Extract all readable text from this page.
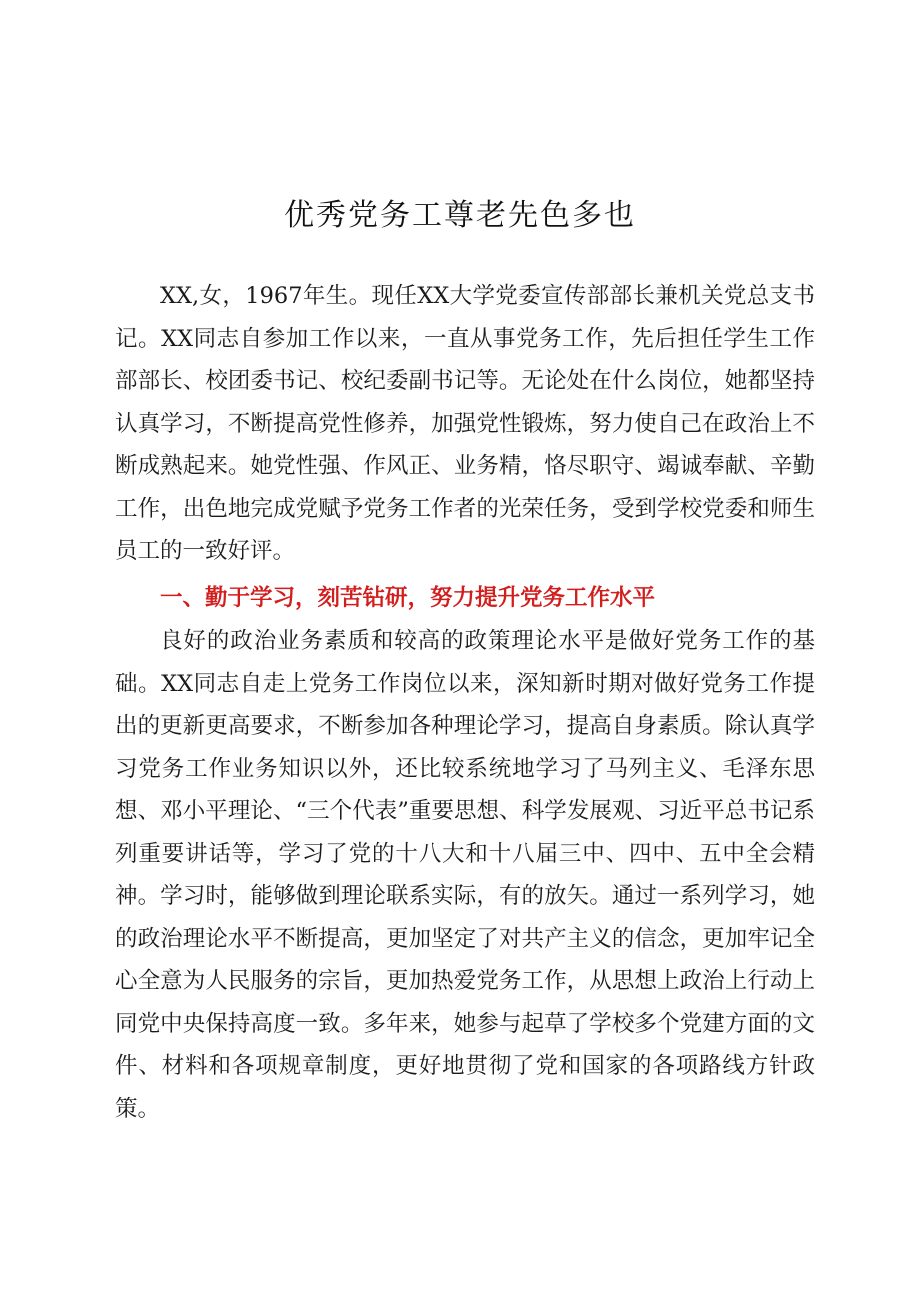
优秀党务工尊老先色多也

XX,女，1967年生。现任XX大学党委宣传部部长兼机关党总支书记。XX同志自参加工作以来，一直从事党务工作，先后担任学生工作部部长、校团委书记、校纪委副书记等。无论处在什么岗位，她都坚持认真学习，不断提高党性修养，加强党性锻炼，努力使自己在政治上不断成熟起来。她党性强、作风正、业务精，恪尽职守、竭诚奉献、辛勤工作，出色地完成党赋予党务工作者的光荣任务，受到学校党委和师生员工的一致好评。

一、勤于学习，刻苦钻研，努力提升党务工作水平

良好的政治业务素质和较高的政策理论水平是做好党务工作的基础。XX同志自走上党务工作岗位以来，深知新时期对做好党务工作提出的更新更高要求，不断参加各种理论学习，提高自身素质。除认真学习党务工作业务知识以外，还比较系统地学习了马列主义、毛泽东思想、邓小平理论、“三个代表”重要思想、科学发展观、习近平总书记系列重要讲话等，学习了党的十八大和十八届三中、四中、五中全会精神。学习时，能够做到理论联系实际，有的放矢。通过一系列学习，她的政治理论水平不断提高，更加坚定了对共产主义的信念，更加牢记全心全意为人民服务的宗旨，更加热爱党务工作，从思想上政治上行动上同党中央保持高度一致。多年来，她参与起草了学校多个党建方面的文件、材料和各项规章制度，更好地贯彻了党和国家的各项路线方针政策。
